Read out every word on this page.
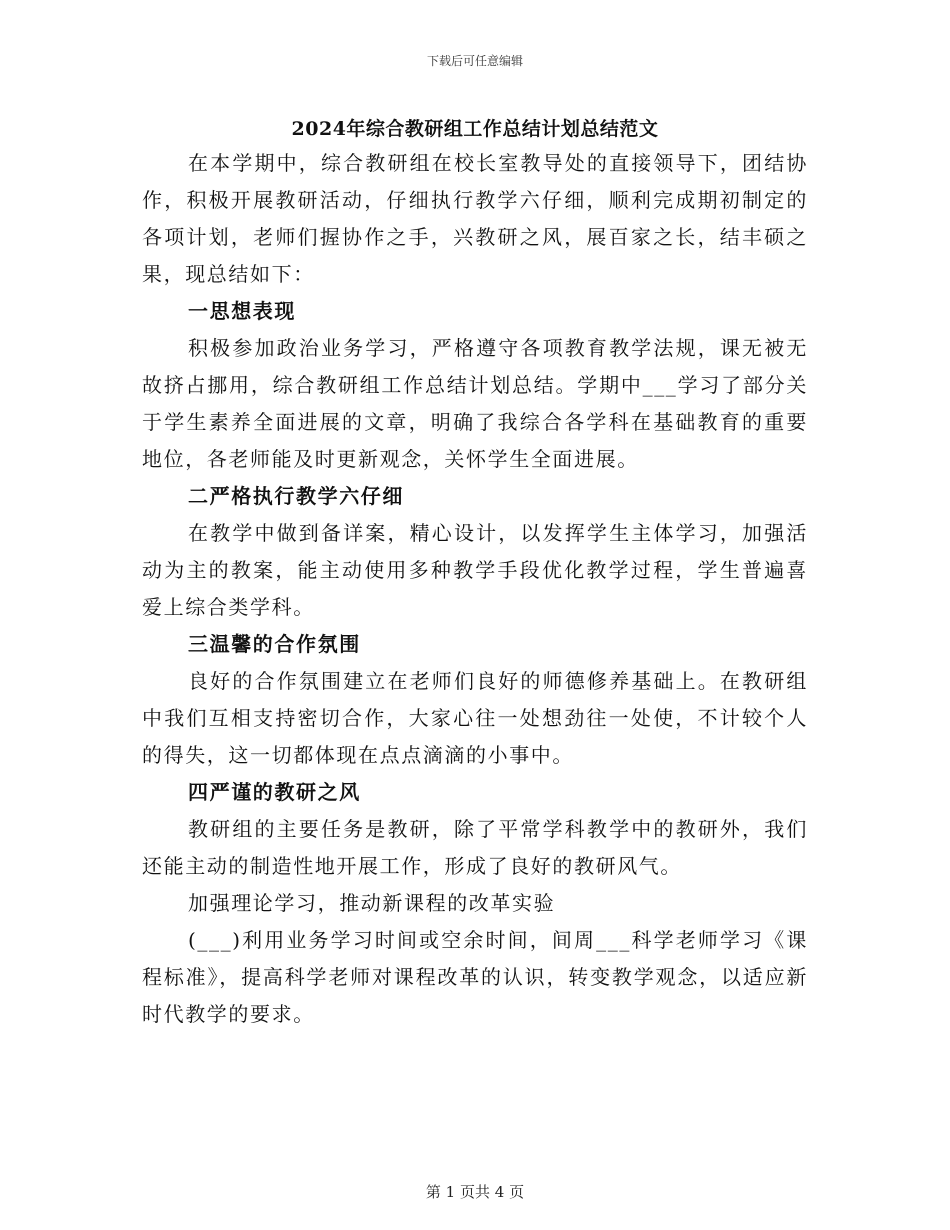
下载后可任意编辑
2024年综合教研组工作总结计划总结范文

在本学期中，综合教研组在校长室教导处的直接领导下，团结协作，积极开展教研活动，仔细执行教学六仔细，顺利完成期初制定的各项计划，老师们握协作之手，兴教研之风，展百家之长，结丰硕之果，现总结如下：

一思想表现

积极参加政治业务学习，严格遵守各项教育教学法规，课无被无故挤占挪用，综合教研组工作总结计划总结。学期中___学习了部分关于学生素养全面进展的文章，明确了我综合各学科在基础教育的重要地位，各老师能及时更新观念，关怀学生全面进展。

二严格执行教学六仔细

在教学中做到备详案，精心设计，以发挥学生主体学习，加强活动为主的教案，能主动使用多种教学手段优化教学过程，学生普遍喜爱上综合类学科。

三温馨的合作氛围

良好的合作氛围建立在老师们良好的师德修养基础上。在教研组中我们互相支持密切合作，大家心往一处想劲往一处使，不计较个人的得失，这一切都体现在点点滴滴的小事中。

四严谨的教研之风

教研组的主要任务是教研，除了平常学科教学中的教研外，我们还能主动的制造性地开展工作，形成了良好的教研风气。

加强理论学习，推动新课程的改革实验

(___)利用业务学习时间或空余时间，间周___科学老师学习《课程标准》，提高科学老师对课程改革的认识，转变教学观念，以适应新时代教学的要求。

第 1 页共 4 页
